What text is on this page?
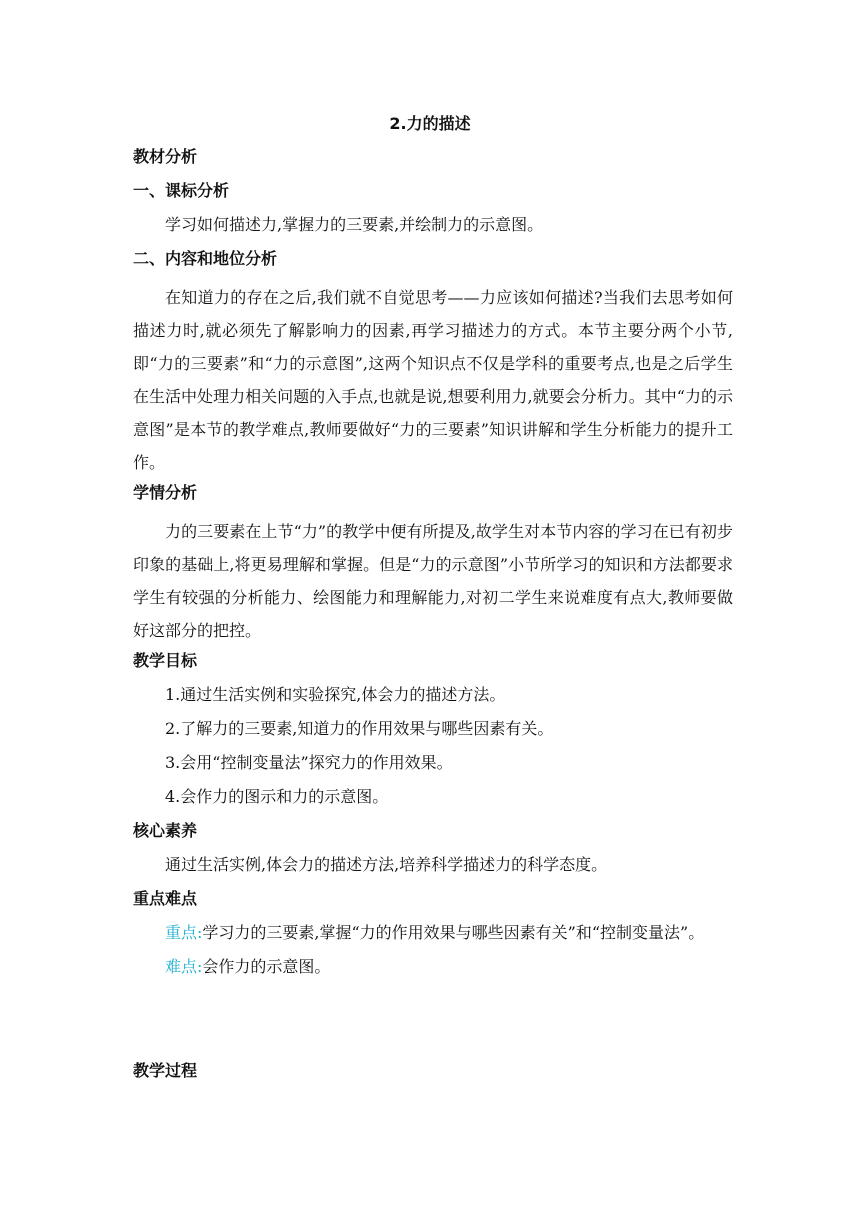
2.力的描述
教材分析
一、课标分析
学习如何描述力,掌握力的三要素,并绘制力的示意图。
二、内容和地位分析
在知道力的存在之后,我们就不自觉思考——力应该如何描述?当我们去思考如何描述力时,就必须先了解影响力的因素,再学习描述力的方式。本节主要分两个小节,即“力的三要素”和“力的示意图”,这两个知识点不仅是学科的重要考点,也是之后学生在生活中处理力相关问题的入手点,也就是说,想要利用力,就要会分析力。其中“力的示意图”是本节的教学难点,教师要做好“力的三要素”知识讲解和学生分析能力的提升工作。
学情分析
力的三要素在上节“力”的教学中便有所提及,故学生对本节内容的学习在已有初步印象的基础上,将更易理解和掌握。但是“力的示意图”小节所学习的知识和方法都要求学生有较强的分析能力、绘图能力和理解能力,对初二学生来说难度有点大,教师要做好这部分的把控。
教学目标
1.通过生活实例和实验探究,体会力的描述方法。
2.了解力的三要素,知道力的作用效果与哪些因素有关。
3.会用“控制变量法”探究力的作用效果。
4.会作力的图示和力的示意图。
核心素养
通过生活实例,体会力的描述方法,培养科学描述力的科学态度。
重点难点
重点:学习力的三要素,掌握“力的作用效果与哪些因素有关”和“控制变量法”。
难点:会作力的示意图。
教学过程
